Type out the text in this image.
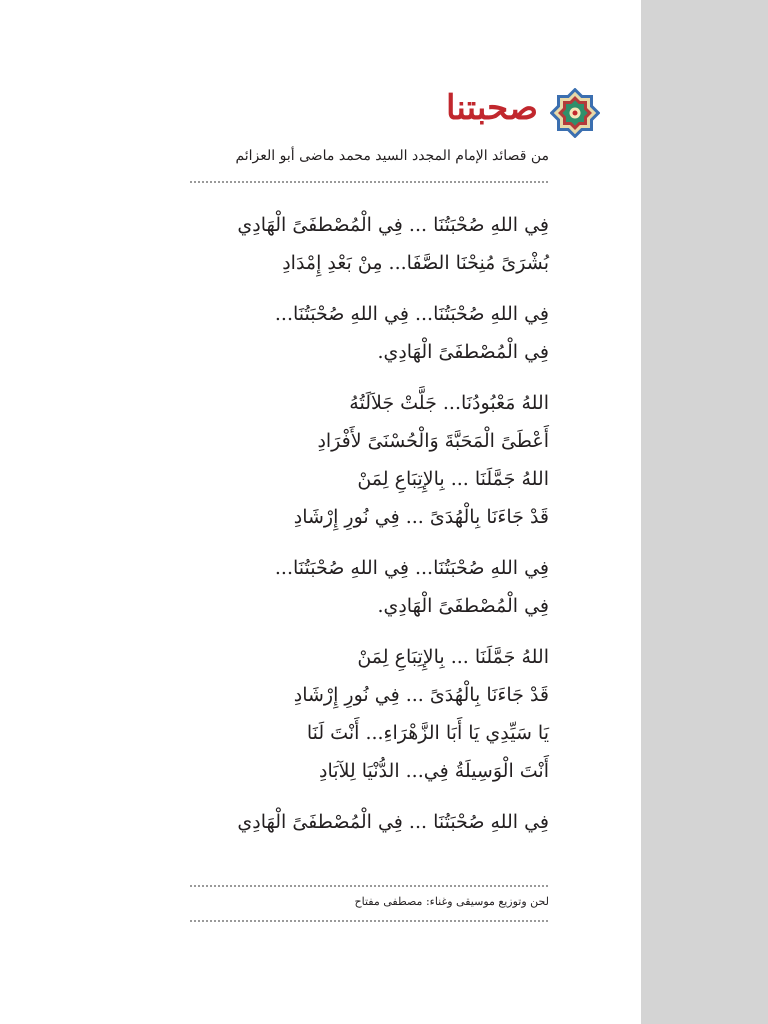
صحبتنا

من قصائد الإمام المجدد السيد محمد ماضى أبو العزائم

فِي اللهِ صُحْبَتُنَا ... فِي الْمُصْطفَىً الْهَادِي
بُشْرَىً مُنِحْنَا الصَّفَا... مِنْ بَعْدِ إِمْدَادِ
فِي اللهِ صُحْبَتُنَا... فِي اللهِ صُحْبَتُنَا...
فِي الْمُصْطفَىً الْهَادِي.
اللهُ مَعْبُودُنَا... جَلَّتْ جَلاَلَتُهُ
أَعْطَىً الْمَحَبَّةَ وَالْحُسْنَىً لأَفْرَادِ
اللهُ جَمَّلَنَا ... بِالإِتِبَاعِ لِمَنْ
قَدْ جَاءَنَا بِالْهُدَىً ... فِي نُورِ إِرْشَادِ
فِي اللهِ صُحْبَتُنَا... فِي اللهِ صُحْبَتُنَا...
فِي الْمُصْطفَىً الْهَادِي.
اللهُ جَمَّلَنَا ... بِالإِتِبَاعِ لِمَنْ
قَدْ جَاءَنَا بِالْهُدَىً ... فِي نُورِ إِرْشَادِ
يَا سَيِّدِي يَا أَبَا الزَّهْرَاءِ... أَنْتَ لَنَا
أَنْتَ الْوَسِيلَةُ فِي... الدُّنْيَا لِلآبَادِ
فِي اللهِ صُحْبَتُنَا ... فِي الْمُصْطفَىً الْهَادِي

لحن وتوزيع موسيقى وغناء: مصطفى مفتاح
